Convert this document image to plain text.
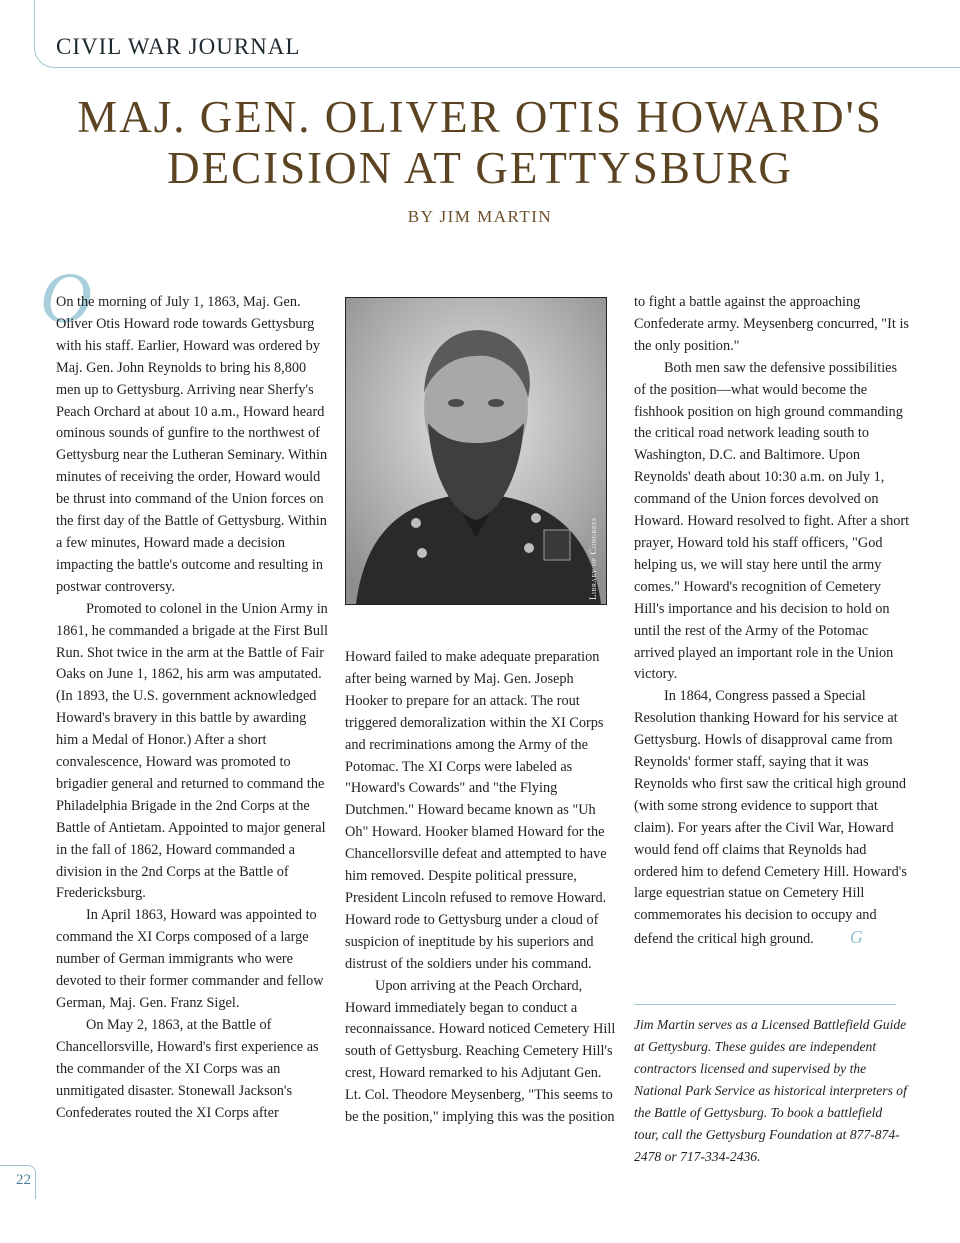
CIVIL WAR JOURNAL
MAJ. GEN. OLIVER OTIS HOWARD'S DECISION AT GETTYSBURG
BY JIM MARTIN
O

On the morning of July 1, 1863, Maj. Gen. Oliver Otis Howard rode towards Gettysburg with his staff. Earlier, Howard was ordered by Maj. Gen. John Reynolds to bring his 8,800 men up to Gettysburg. Arriving near Sherfy's Peach Orchard at about 10 a.m., Howard heard ominous sounds of gunfire to the northwest of Gettysburg near the Lutheran Seminary. Within minutes of receiving the order, Howard would be thrust into command of the Union forces on the first day of the Battle of Gettysburg. Within a few minutes, Howard made a decision impacting the battle's outcome and resulting in postwar controversy.

Promoted to colonel in the Union Army in 1861, he commanded a brigade at the First Bull Run. Shot twice in the arm at the Battle of Fair Oaks on June 1, 1862, his arm was amputated. (In 1893, the U.S. government acknowledged Howard's bravery in this battle by awarding him a Medal of Honor.) After a short convalescence, Howard was promoted to brigadier general and returned to command the Philadelphia Brigade in the 2nd Corps at the Battle of Antietam. Appointed to major general in the fall of 1862, Howard commanded a division in the 2nd Corps at the Battle of Fredericksburg.

In April 1863, Howard was appointed to command the XI Corps composed of a large number of German immigrants who were devoted to their former commander and fellow German, Maj. Gen. Franz Sigel.

On May 2, 1863, at the Battle of Chancellorsville, Howard's first experience as the commander of the XI Corps was an unmitigated disaster. Stonewall Jackson's Confederates routed the XI Corps after

Library of Congress

Howard failed to make adequate preparation after being warned by Maj. Gen. Joseph Hooker to prepare for an attack. The rout triggered demoralization within the XI Corps and recriminations among the Army of the Potomac. The XI Corps were labeled as "Howard's Cowards" and "the Flying Dutchmen." Howard became known as "Uh Oh" Howard. Hooker blamed Howard for the Chancellorsville defeat and attempted to have him removed. Despite political pressure, President Lincoln refused to remove Howard. Howard rode to Gettysburg under a cloud of suspicion of ineptitude by his superiors and distrust of the soldiers under his command.

Upon arriving at the Peach Orchard, Howard immediately began to conduct a reconnaissance. Howard noticed Cemetery Hill south of Gettysburg. Reaching Cemetery Hill's crest, Howard remarked to his Adjutant Gen. Lt. Col. Theodore Meysenberg, "This seems to be the position," implying this was the position

to fight a battle against the approaching Confederate army. Meysenberg concurred, "It is the only position."

Both men saw the defensive possibilities of the position—what would become the fishhook position on high ground commanding the critical road network leading south to Washington, D.C. and Baltimore. Upon Reynolds' death about 10:30 a.m. on July 1, command of the Union forces devolved on Howard. Howard resolved to fight. After a short prayer, Howard told his staff officers, "God helping us, we will stay here until the army comes." Howard's recognition of Cemetery Hill's importance and his decision to hold on until the rest of the Army of the Potomac arrived played an important role in the Union victory.

In 1864, Congress passed a Special Resolution thanking Howard for his service at Gettysburg. Howls of disapproval came from Reynolds' former staff, saying that it was Reynolds who first saw the critical high ground (with some strong evidence to support that claim). For years after the Civil War, Howard would fend off claims that Reynolds had ordered him to defend Cemetery Hill. Howard's large equestrian statue on Cemetery Hill commemorates his decision to occupy and defend the critical high ground. G

Jim Martin serves as a Licensed Battlefield Guide at Gettysburg. These guides are independent contractors licensed and supervised by the National Park Service as historical interpreters of the Battle of Gettysburg. To book a battlefield tour, call the Gettysburg Foundation at 877-874-2478 or 717-334-2436.

22
